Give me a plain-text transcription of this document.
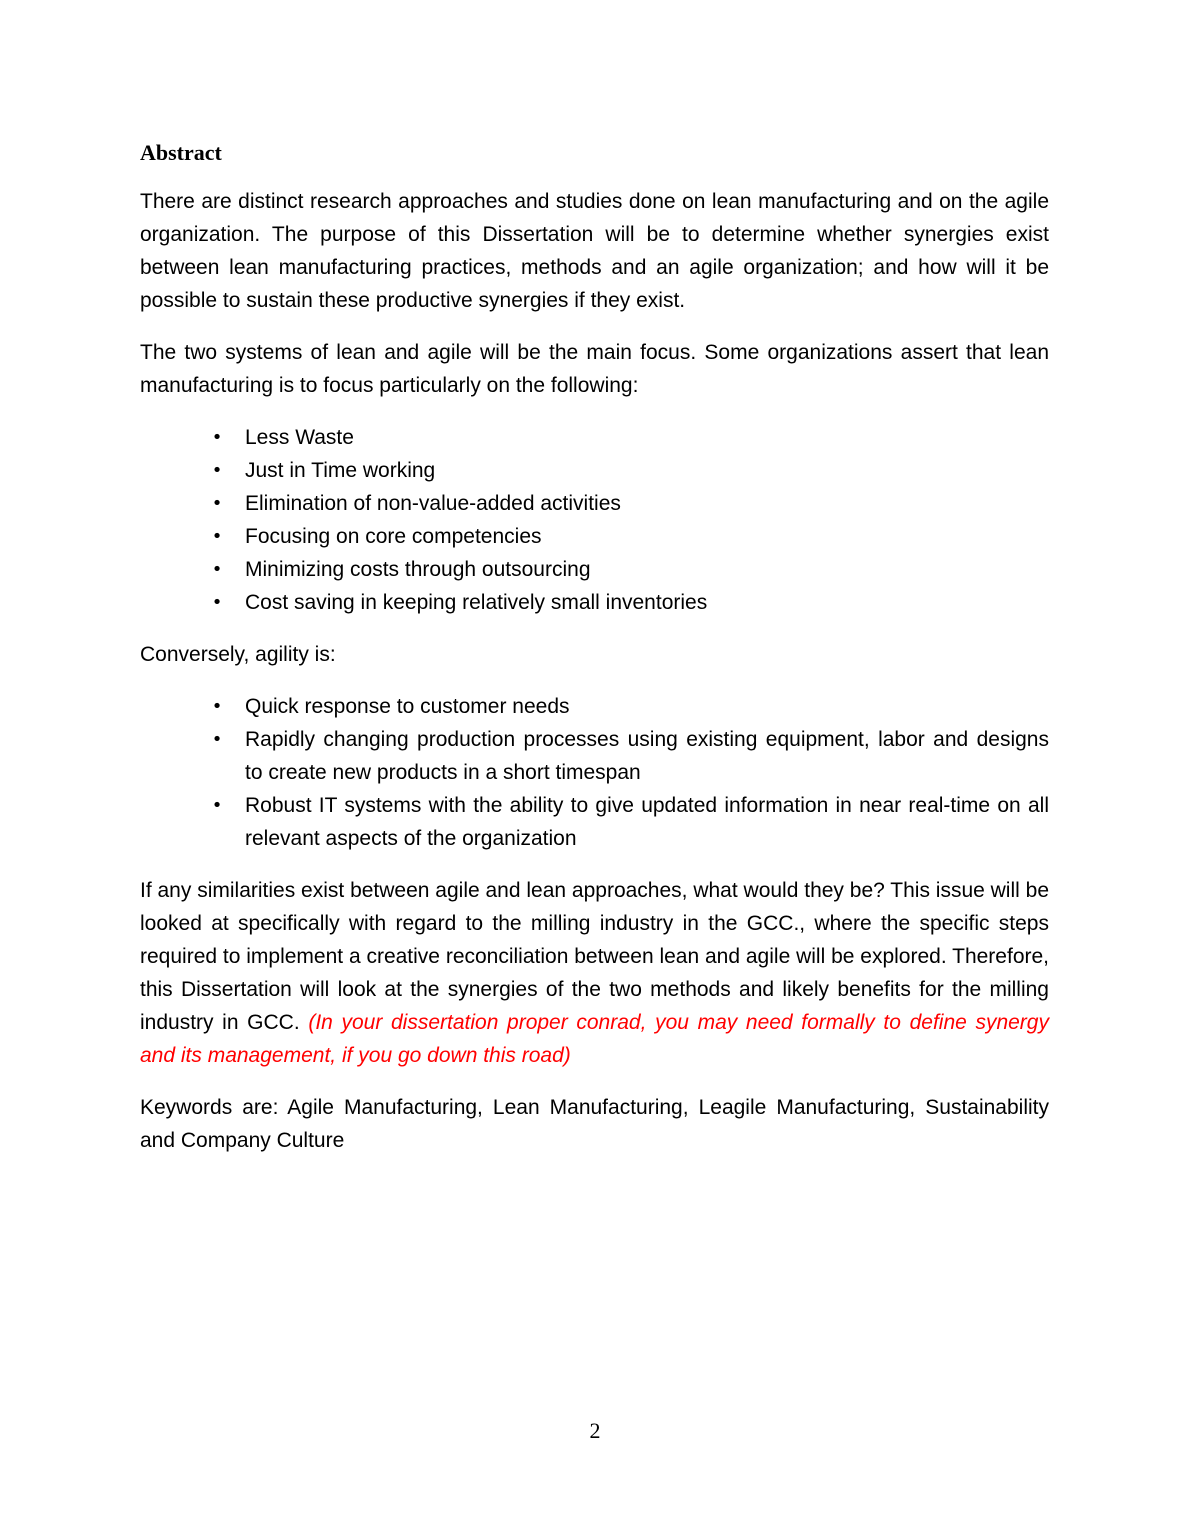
Abstract

There are distinct research approaches and studies done on lean manufacturing and on the agile organization. The purpose of this Dissertation will be to determine whether synergies exist between lean manufacturing practices, methods and an agile organization; and how will it be possible to sustain these productive synergies if they exist.

The two systems of lean and agile will be the main focus. Some organizations assert that lean manufacturing is to focus particularly on the following:

• Less Waste
• Just in Time working
• Elimination of non-value-added activities
• Focusing on core competencies
• Minimizing costs through outsourcing
• Cost saving in keeping relatively small inventories

Conversely, agility is:

• Quick response to customer needs
• Rapidly changing production processes using existing equipment, labor and designs to create new products in a short timespan
• Robust IT systems with the ability to give updated information in near real-time on all relevant aspects of the organization

If any similarities exist between agile and lean approaches, what would they be? This issue will be looked at specifically with regard to the milling industry in the GCC., where the specific steps required to implement a creative reconciliation between lean and agile will be explored. Therefore, this Dissertation will look at the synergies of the two methods and likely benefits for the milling industry in GCC. (In your dissertation proper conrad, you may need formally to define synergy and its management, if you go down this road)

Keywords are: Agile Manufacturing, Lean Manufacturing, Leagile Manufacturing, Sustainability and Company Culture

2
